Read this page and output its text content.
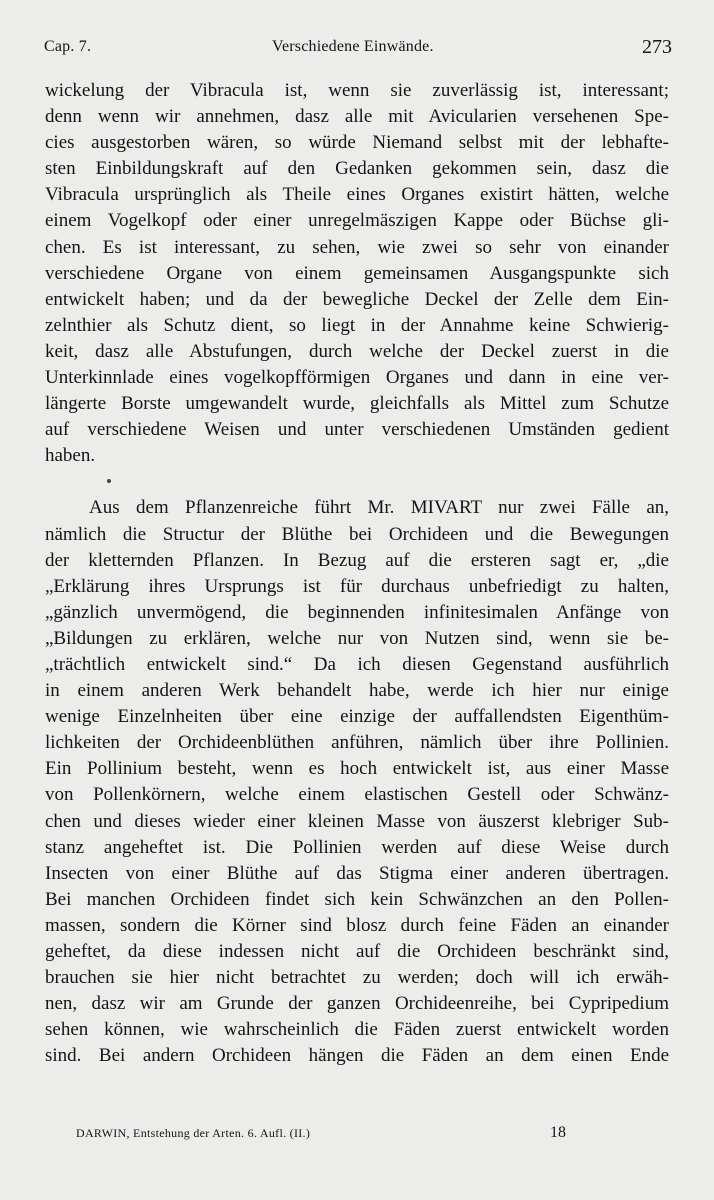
Cap. 7.	Verschiedene Einwände.	273
wickelung der Vibracula ist, wenn sie zuverlässig ist, interessant;
denn wenn wir annehmen, dasz alle mit Avicularien versehenen Spe-
cies ausgestorben wären, so würde Niemand selbst mit der lebhafte-
sten Einbildungskraft auf den Gedanken gekommen sein, dasz die
Vibracula ursprünglich als Theile eines Organes existirt hätten, welche
einem Vogelkopf oder einer unregelmäszigen Kappe oder Büchse gli-
chen. Es ist interessant, zu sehen, wie zwei so sehr von einander
verschiedene Organe von einem gemeinsamen Ausgangspunkte sich
entwickelt haben; und da der bewegliche Deckel der Zelle dem Ein-
zelnthier als Schutz dient, so liegt in der Annahme keine Schwierig-
keit, dasz alle Abstufungen, durch welche der Deckel zuerst in die
Unterkinnlade eines vogelkopfförmigen Organes und dann in eine ver-
längerte Borste umgewandelt wurde, gleichfalls als Mittel zum Schutze
auf verschiedene Weisen und unter verschiedenen Umständen gedient
haben.
Aus dem Pflanzenreiche führt Mr. MIVART nur zwei Fälle an,
nämlich die Structur der Blüthe bei Orchideen und die Bewegungen
der kletternden Pflanzen. In Bezug auf die ersteren sagt er, „die
„Erklärung ihres Ursprungs ist für durchaus unbefriedigt zu halten,
„gänzlich unvermögend, die beginnenden infinitesimalen Anfänge von
„Bildungen zu erklären, welche nur von Nutzen sind, wenn sie be-
„trächtlich entwickelt sind.“ Da ich diesen Gegenstand ausführlich
in einem anderen Werk behandelt habe, werde ich hier nur einige
wenige Einzelnheiten über eine einzige der auffallendsten Eigenthüm-
lichkeiten der Orchideenblüthen anführen, nämlich über ihre Pollinien.
Ein Pollinium besteht, wenn es hoch entwickelt ist, aus einer Masse
von Pollenkörnern, welche einem elastischen Gestell oder Schwänz-
chen und dieses wieder einer kleinen Masse von äuszerst klebriger Sub-
stanz angeheftet ist. Die Pollinien werden auf diese Weise durch
Insecten von einer Blüthe auf das Stigma einer anderen übertragen.
Bei manchen Orchideen findet sich kein Schwänzchen an den Pollen-
massen, sondern die Körner sind blosz durch feine Fäden an einander
geheftet, da diese indessen nicht auf die Orchideen beschränkt sind,
brauchen sie hier nicht betrachtet zu werden; doch will ich erwäh-
nen, dasz wir am Grunde der ganzen Orchideenreihe, bei Cypripedium
sehen können, wie wahrscheinlich die Fäden zuerst entwickelt worden
sind. Bei andern Orchideen hängen die Fäden an dem einen Ende
DARWIN, Entstehung der Arten. 6. Aufl. (II.)	18
